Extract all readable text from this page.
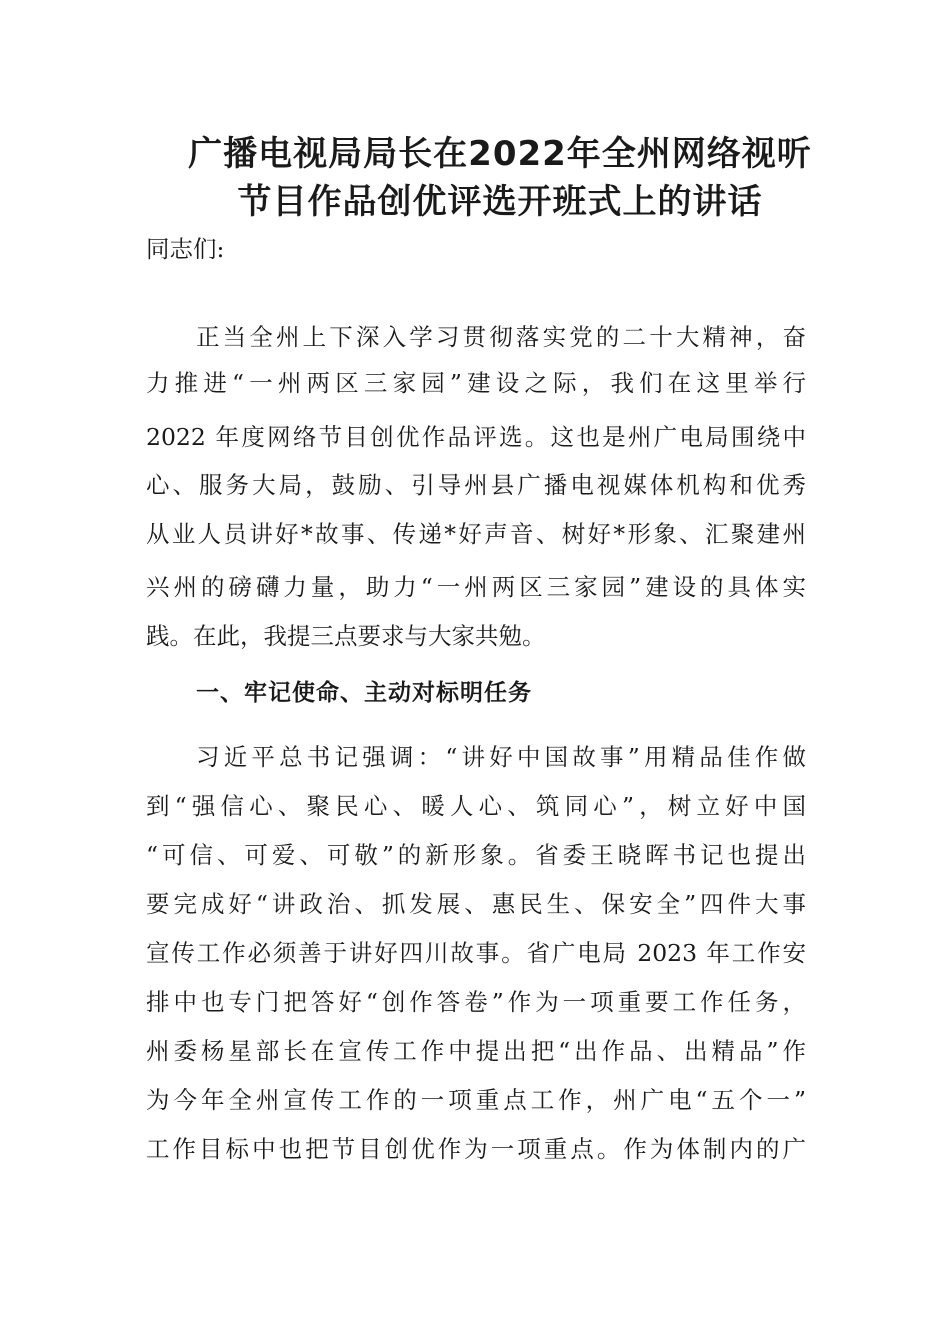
广播电视局局长在2022年全州网络视听
节目作品创优评选开班式上的讲话
同志们:
正当全州上下深入学习贯彻落实党的二十大精神，奋
力推进“一州两区三家园”建设之际，我们在这里举行
2022 年度网络节目创优作品评选。这也是州广电局围绕中
心、服务大局，鼓励、引导州县广播电视媒体机构和优秀
从业人员讲好*故事、传递*好声音、树好*形象、汇聚建州
兴州的磅礴力量，助力“一州两区三家园”建设的具体实
践。在此，我提三点要求与大家共勉。
一、牢记使命、主动对标明任务
习近平总书记强调：“讲好中国故事”用精品佳作做
到“强信心、聚民心、暖人心、筑同心”，树立好中国
“可信、可爱、可敬”的新形象。省委王晓晖书记也提出
要完成好“讲政治、抓发展、惠民生、保安全”四件大事
宣传工作必须善于讲好四川故事。省广电局 2023 年工作安
排中也专门把答好“创作答卷”作为一项重要工作任务，
州委杨星部长在宣传工作中提出把“出作品、出精品”作
为今年全州宣传工作的一项重点工作，州广电“五个一”
工作目标中也把节目创优作为一项重点。作为体制内的广
